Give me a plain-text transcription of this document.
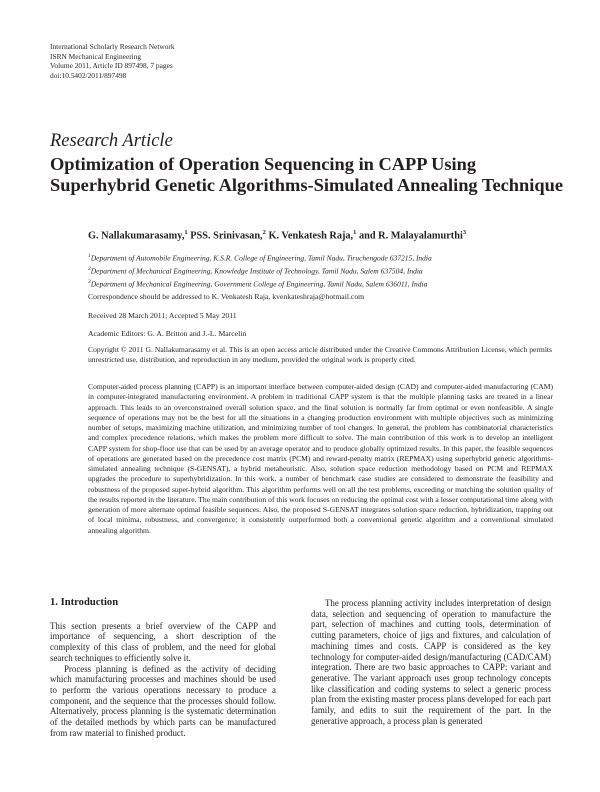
International Scholarly Research Network
ISRN Mechanical Engineering
Volume 2011, Article ID 897498, 7 pages
doi:10.5402/2011/897498
Research Article
Optimization of Operation Sequencing in CAPP Using
Superhybrid Genetic Algorithms-Simulated Annealing Technique
G. Nallakumarasamy,$^1$ PSS. Srinivasan,$^2$ K. Venkatesh Raja,$^1$ and R. Malayalamurthi$^3$
$^1$Department of Automobile Engineering, K.S.R. College of Engineering, Tamil Nadu, Tiruchengode 637215, India
$^2$Department of Mechanical Engineering, Knowledge Institute of Technology, Tamil Nadu, Salem 637504, India
$^3$Department of Mechanical Engineering, Government College of Engineering, Tamil Nadu, Salem 636011, India
Correspondence should be addressed to K. Venkatesh Raja, kvenkateshraja@hotmail.com
Received 28 March 2011; Accepted 5 May 2011
Academic Editors: G. A. Britton and J.-L. Marcelin
Copyright © 2011 G. Nallakumarasamy et al. This is an open access article distributed under the Creative Commons Attribution License, which permits unrestricted use, distribution, and reproduction in any medium, provided the original work is properly cited.
Computer-aided process planning (CAPP) is an important interface between computer-aided design (CAD) and computer-aided manufacturing (CAM) in computer-integrated manufacturing environment. A problem in traditional CAPP system is that the multiple planning tasks are treated in a linear approach. This leads to an overconstrained overall solution space, and the final solution is normally far from optimal or even nonfeasible. A single sequence of operations may not be the best for all the situations in a changing production environment with multiple objectives such as minimizing number of setups, maximizing machine utilization, and minimizing number of tool changes. In general, the problem has combinatorial characteristics and complex precedence relations, which makes the problem more difficult to solve. The main contribution of this work is to develop an intelligent CAPP system for shop-floor use that can be used by an average operator and to produce globally optimized results. In this paper, the feasible sequences of operations are generated based on the precedence cost matrix (PCM) and reward-penalty matrix (REPMAX) using superhybrid genetic algorithms-simulated annealing technique (S-GENSAT), a hybrid metaheuristic. Also, solution space reduction methodology based on PCM and REPMAX upgrades the procedure to superhybridization. In this work, a number of benchmark case studies are considered to demonstrate the feasibility and robustness of the proposed super-hybrid algorithm. This algorithm performs well on all the test problems, exceeding or matching the solution quality of the results reported in the literature. The main contribution of this work focuses on reducing the optimal cost with a lesser computational time along with generation of more alternate optimal feasible sequences. Also, the proposed S-GENSAT integrates solution space reduction, hybridization, trapping out of local minima, robustness, and convergence; it consistently outperformed both a conventional genetic algorithm and a conventional simulated annealing algorithm.
1. Introduction

This section presents a brief overview of the CAPP and importance of sequencing, a short description of the complexity of this class of problem, and the need for global search techniques to efficiently solve it.

Process planning is defined as the activity of deciding which manufacturing processes and machines should be used to perform the various operations necessary to produce a component, and the sequence that the processes should follow. Alternatively, process planning is the systematic determination of the detailed methods by which parts can be manufactured from raw material to finished product.

The process planning activity includes interpretation of design data, selection and sequencing of operation to manufacture the part, selection of machines and cutting tools, determination of cutting parameters, choice of jigs and fixtures, and calculation of machining times and costs. CAPP is considered as the key technology for computer-aided design/manufacturing (CAD/CAM) integration. There are two basic approaches to CAPP: variant and generative. The variant approach uses group technology concepts like classification and coding systems to select a generic process plan from the existing master process plans developed for each part family, and edits to suit the requirement of the part. In the generative approach, a process plan is generated
